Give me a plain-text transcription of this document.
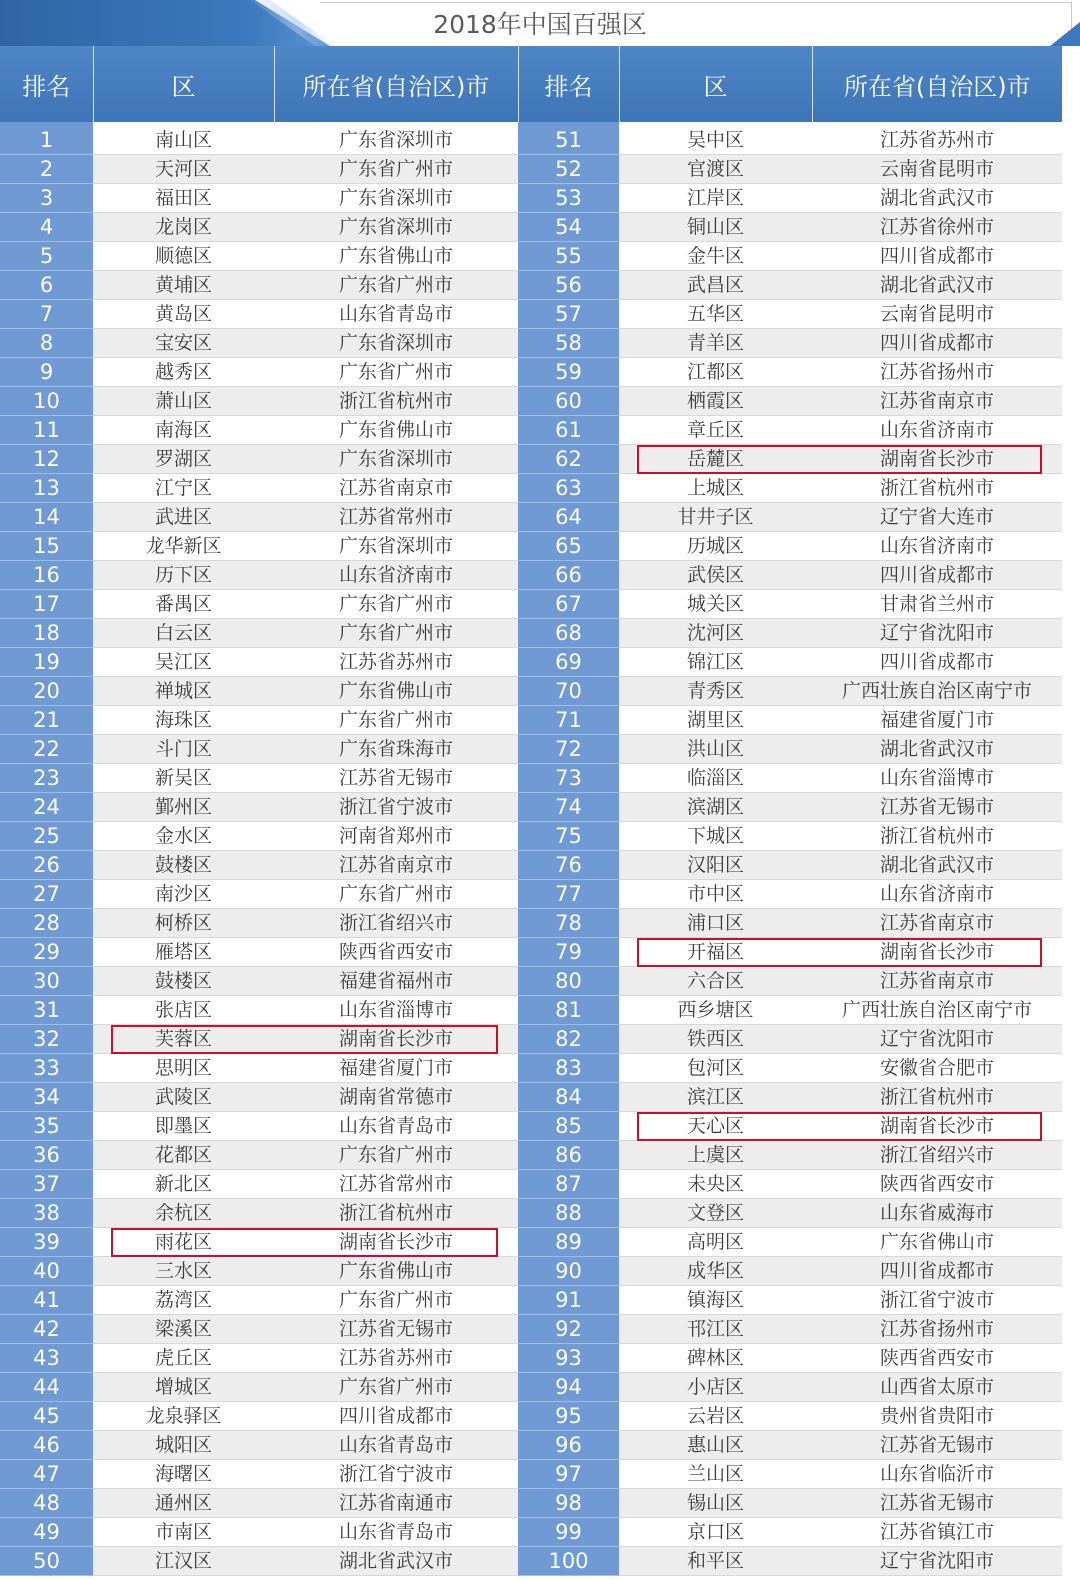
2018年中国百强区
排名	区	所在省(自治区)市	排名	区	所在省(自治区)市

1	南山区	广东省深圳市	51	吴中区	江苏省苏州市
2	天河区	广东省广州市	52	官渡区	云南省昆明市
3	福田区	广东省深圳市	53	江岸区	湖北省武汉市
4	龙岗区	广东省深圳市	54	铜山区	江苏省徐州市
5	顺德区	广东省佛山市	55	金牛区	四川省成都市
6	黄埔区	广东省广州市	56	武昌区	湖北省武汉市
7	黄岛区	山东省青岛市	57	五华区	云南省昆明市
8	宝安区	广东省深圳市	58	青羊区	四川省成都市
9	越秀区	广东省广州市	59	江都区	江苏省扬州市
10	萧山区	浙江省杭州市	60	栖霞区	江苏省南京市
11	南海区	广东省佛山市	61	章丘区	山东省济南市
12	罗湖区	广东省深圳市	62	岳麓区	湖南省长沙市
13	江宁区	江苏省南京市	63	上城区	浙江省杭州市
14	武进区	江苏省常州市	64	甘井子区	辽宁省大连市
15	龙华新区	广东省深圳市	65	历城区	山东省济南市
16	历下区	山东省济南市	66	武侯区	四川省成都市
17	番禺区	广东省广州市	67	城关区	甘肃省兰州市
18	白云区	广东省广州市	68	沈河区	辽宁省沈阳市
19	吴江区	江苏省苏州市	69	锦江区	四川省成都市
20	禅城区	广东省佛山市	70	青秀区	广西壮族自治区南宁市
21	海珠区	广东省广州市	71	湖里区	福建省厦门市
22	斗门区	广东省珠海市	72	洪山区	湖北省武汉市
23	新吴区	江苏省无锡市	73	临淄区	山东省淄博市
24	鄞州区	浙江省宁波市	74	滨湖区	江苏省无锡市
25	金水区	河南省郑州市	75	下城区	浙江省杭州市
26	鼓楼区	江苏省南京市	76	汉阳区	湖北省武汉市
27	南沙区	广东省广州市	77	市中区	山东省济南市
28	柯桥区	浙江省绍兴市	78	浦口区	江苏省南京市
29	雁塔区	陕西省西安市	79	开福区	湖南省长沙市
30	鼓楼区	福建省福州市	80	六合区	江苏省南京市
31	张店区	山东省淄博市	81	西乡塘区	广西壮族自治区南宁市
32	芙蓉区	湖南省长沙市	82	铁西区	辽宁省沈阳市
33	思明区	福建省厦门市	83	包河区	安徽省合肥市
34	武陵区	湖南省常德市	84	滨江区	浙江省杭州市
35	即墨区	山东省青岛市	85	天心区	湖南省长沙市
36	花都区	广东省广州市	86	上虞区	浙江省绍兴市
37	新北区	江苏省常州市	87	未央区	陕西省西安市
38	余杭区	浙江省杭州市	88	文登区	山东省威海市
39	雨花区	湖南省长沙市	89	高明区	广东省佛山市
40	三水区	广东省佛山市	90	成华区	四川省成都市
41	荔湾区	广东省广州市	91	镇海区	浙江省宁波市
42	梁溪区	江苏省无锡市	92	邗江区	江苏省扬州市
43	虎丘区	江苏省苏州市	93	碑林区	陕西省西安市
44	增城区	广东省广州市	94	小店区	山西省太原市
45	龙泉驿区	四川省成都市	95	云岩区	贵州省贵阳市
46	城阳区	山东省青岛市	96	惠山区	江苏省无锡市
47	海曙区	浙江省宁波市	97	兰山区	山东省临沂市
48	通州区	江苏省南通市	98	锡山区	江苏省无锡市
49	市南区	山东省青岛市	99	京口区	江苏省镇江市
50	江汉区	湖北省武汉市	100	和平区	辽宁省沈阳市
